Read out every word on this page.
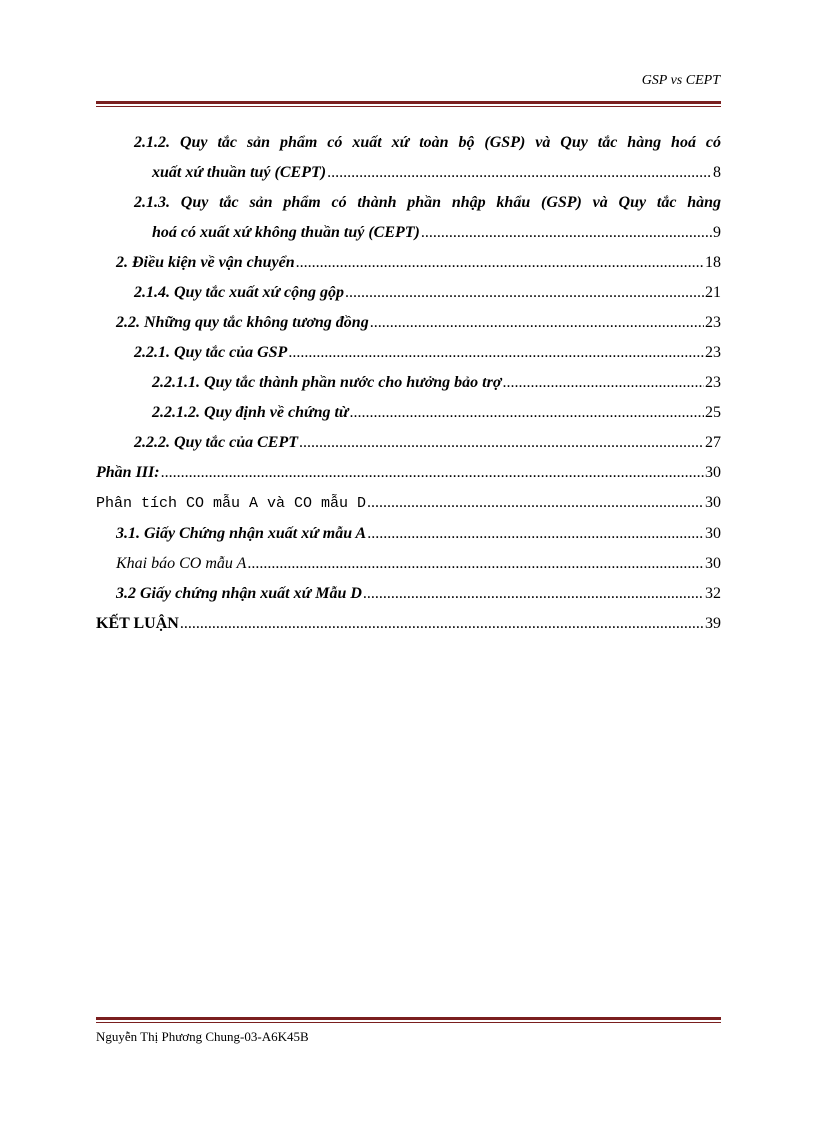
GSP vs CEPT
2.1.2. Quy tắc sản phẩm có xuất xứ toàn bộ (GSP) và Quy tắc hàng hoá có
xuất xứ thuần tuý (CEPT) .....	8
2.1.3. Quy tắc sản phẩm có thành phần nhập khẩu (GSP) và Quy tắc hàng
hoá có xuất xứ không thuần tuý (CEPT) .....	9
2. Điều kiện về vận chuyển .....	18
2.1.4. Quy tắc xuất xứ cộng gộp .....	21
2.2. Những quy tắc không tương đồng .....	23
2.2.1. Quy tắc của GSP .....	23
2.2.1.1. Quy tắc thành phần nước cho hưởng bảo trợ .....	23
2.2.1.2. Quy định về chứng từ .....	25
2.2.2. Quy tắc của CEPT .....	27
Phần III: .....	30
Phân tích CO mẫu A và CO mẫu D .....	30
3.1. Giấy Chứng nhận xuất xứ mẫu A .....	30
Khai báo CO mẫu A .....	30
3.2 Giấy chứng nhận xuất xứ Mẫu D .....	32
KẾT LUẬN .....	39
Nguyễn Thị Phương Chung-03-A6K45B
